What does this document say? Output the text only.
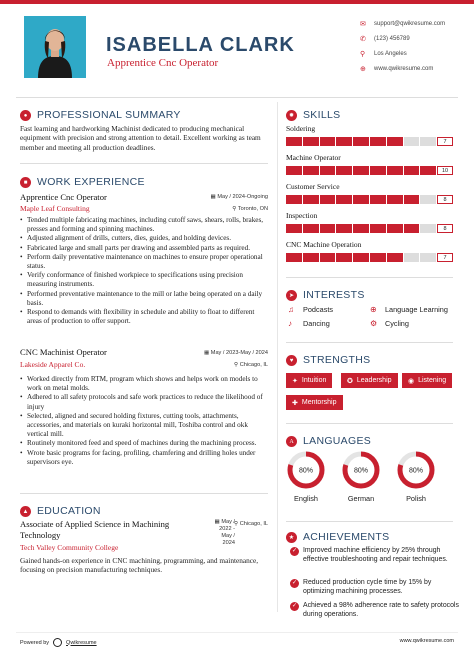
ISABELLA CLARK
Apprentice Cnc Operator
✉	support@qwikresume.com
✆	(123) 456789
⚲	Los Angeles
⊕	www.qwikresume.com
● PROFESSIONAL SUMMARY
Fast learning and hardworking Machinist dedicated to producing mechanical equipment with precision and strong attention to detail. Excellent working as team member and meeting all production deadlines.
■ WORK EXPERIENCE
Apprentice Cnc Operator	▦ May / 2024-Ongoing
Maple Leaf Consulting	⚲ Toronto, ON
• Tended multiple fabricating machines, including cutoff saws, shears, rolls, brakes, presses and forming and spinning machines.
• Adjusted alignment of drills, cutters, dies, guides, and holding devices.
• Fabricated large and small parts per drawing and assembled parts as required.
• Perform daily preventative maintenance on machines to ensure proper operational status.
• Verify conformance of finished workpiece to specifications using precision measuring instruments.
• Performed preventative maintenance to the mill or lathe being operated on a daily basis.
• Respond to demands with flexibility in schedule and ability to float to different areas of production to offer support.
CNC Machinist Operator	▦ May / 2023-May / 2024
Lakeside Apparel Co.	⚲ Chicago, IL
• Worked directly from RTM, program which shows and helps work on models to work on metal molds.
• Adhered to all safety protocols and safe work practices to reduce the likelihood of injury
• Selected, aligned and secured holding fixtures, cutting tools, attachments, accessories, and materials on kuraki horizontal mill, Toshiba control and okk vertical mill.
• Routinely monitored feed and speed of machines during the machining process.
• Wrote basic programs for facing, profiling, chamfering and drilling holes under supervisors eye.
▲ EDUCATION
Associate of Applied Science in Machining Technology
▦ May /
2022 -
May /
2024
⚲ Chicago, IL
Tech Valley Community College
Gained hands-on experience in CNC machining, programming, and maintenance, focusing on precision manufacturing techniques.
✹ SKILLS
Soldering
7
Machine Operator
10
Customer Service
8
Inspection
8
CNC Machine Operation
7
➤ INTERESTS
♫	Podcasts	⊕	Language Learning
♪	Dancing	⚙	Cycling
♥ STRENGTHS
✦ Intuition	✪ Leadership ◉ Listening
✚ Mentorship
A LANGUAGES
80%
English
80%
German
80%
Polish
★ ACHIEVEMENTS
✓ Improved machine efficiency by 25% through effective troubleshooting and repair techniques.
✓ Reduced production cycle time by 15% by optimizing machining processes.
✓ Achieved a 98% adherence rate to safety protocols during operations.
Powered by	Qwikresume	www.qwikresume.com
